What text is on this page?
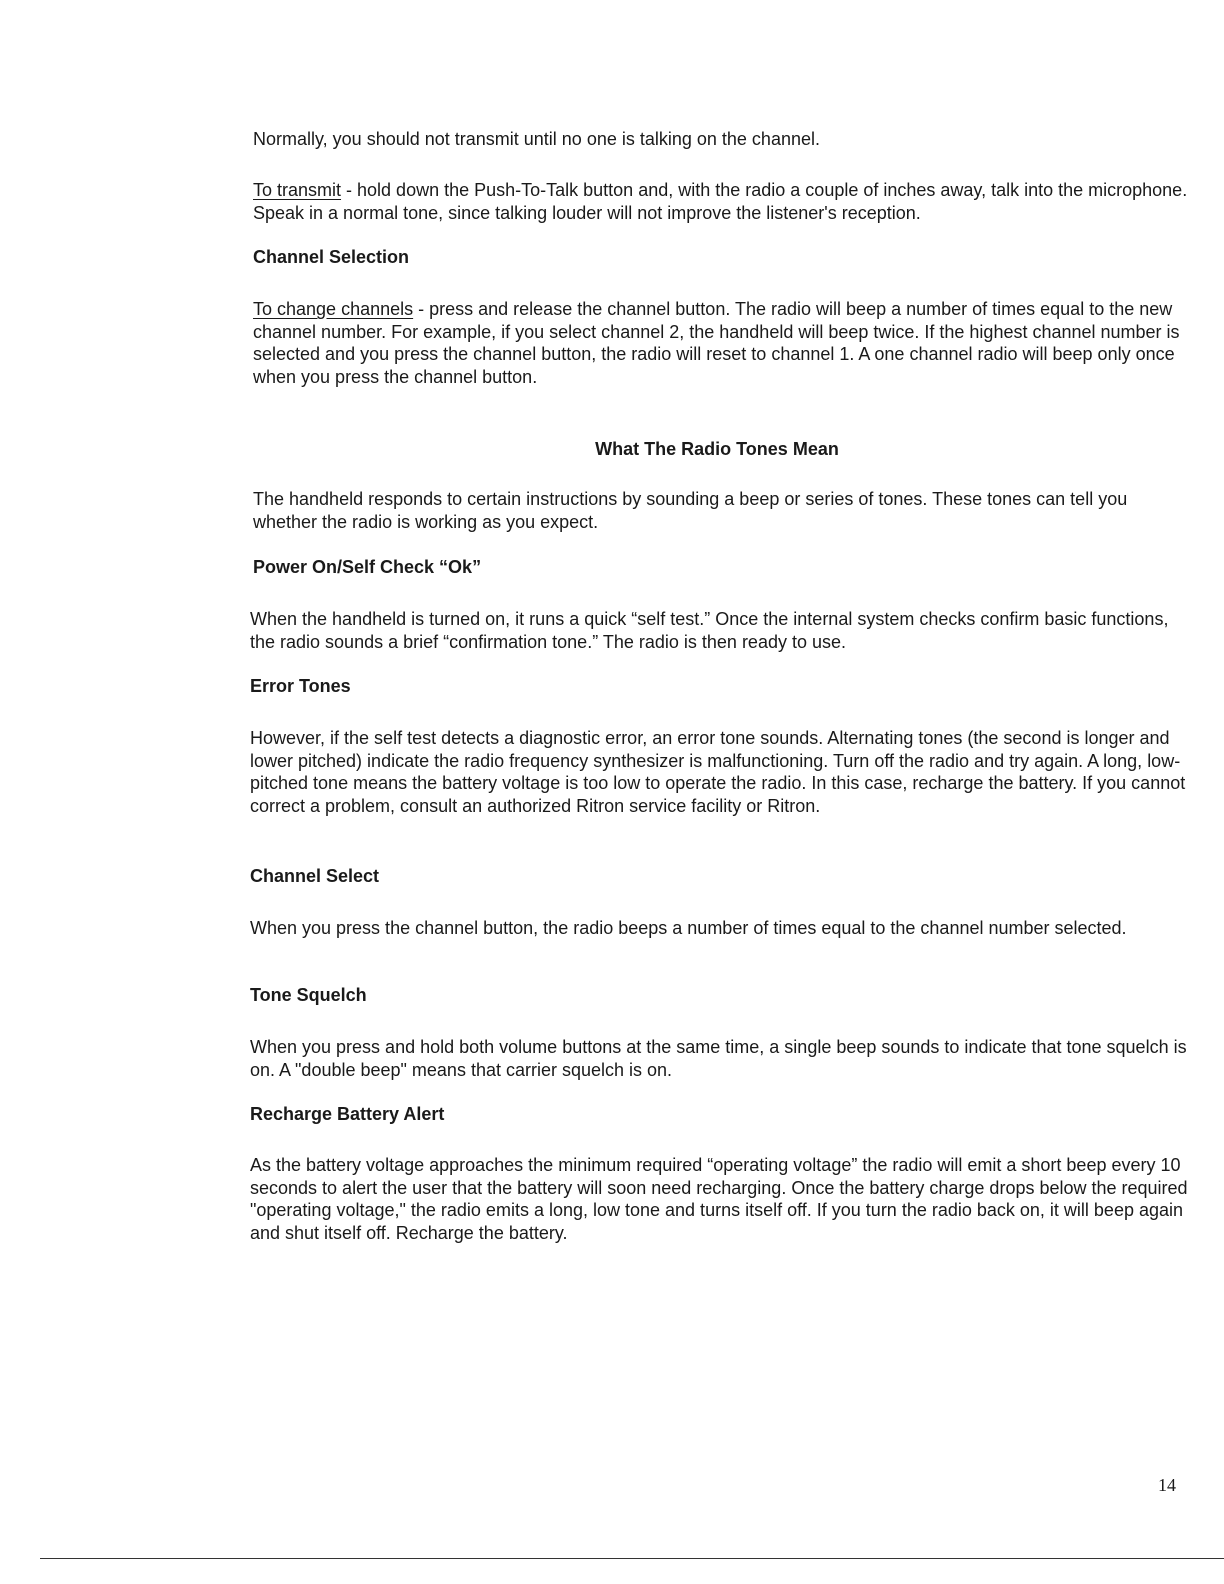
Normally, you should not transmit until no one is talking on the channel.

To transmit - hold down the Push-To-Talk button and, with the radio a couple of inches away, talk into the microphone. Speak in a normal tone, since talking louder will not improve the listener's reception.

Channel Selection

To change channels - press and release the channel button. The radio will beep a number of times equal to the new channel number. For example, if you select channel 2, the handheld will beep twice. If the highest channel number is selected and you press the channel button, the radio will reset to channel 1. A one channel radio will beep only once when you press the channel button.

What The Radio Tones Mean

The handheld responds to certain instructions by sounding a beep or series of tones. These tones can tell you whether the radio is working as you expect.

Power On/Self Check “Ok”

When the handheld is turned on, it runs a quick “self test.” Once the internal system checks confirm basic functions, the radio sounds a brief “confirmation tone.” The radio is then ready to use.

Error Tones

However, if the self test detects a diagnostic error, an error tone sounds. Alternating tones (the second is longer and lower pitched) indicate the radio frequency synthesizer is malfunctioning. Turn off the radio and try again. A long, low-pitched tone means the battery voltage is too low to operate the radio. In this case, recharge the battery. If you cannot correct a problem, consult an authorized Ritron service facility or Ritron.

Channel Select

When you press the channel button, the radio beeps a number of times equal to the channel number selected.

Tone Squelch

When you press and hold both volume buttons at the same time, a single beep sounds to indicate that tone squelch is on. A "double beep" means that carrier squelch is on.

Recharge Battery Alert

As the battery voltage approaches the minimum required “operating voltage” the radio will emit a short beep every 10 seconds to alert the user that the battery will soon need recharging. Once the battery charge drops below the required "operating voltage," the radio emits a long, low tone and turns itself off. If you turn the radio back on, it will beep again and shut itself off. Recharge the battery.

14
